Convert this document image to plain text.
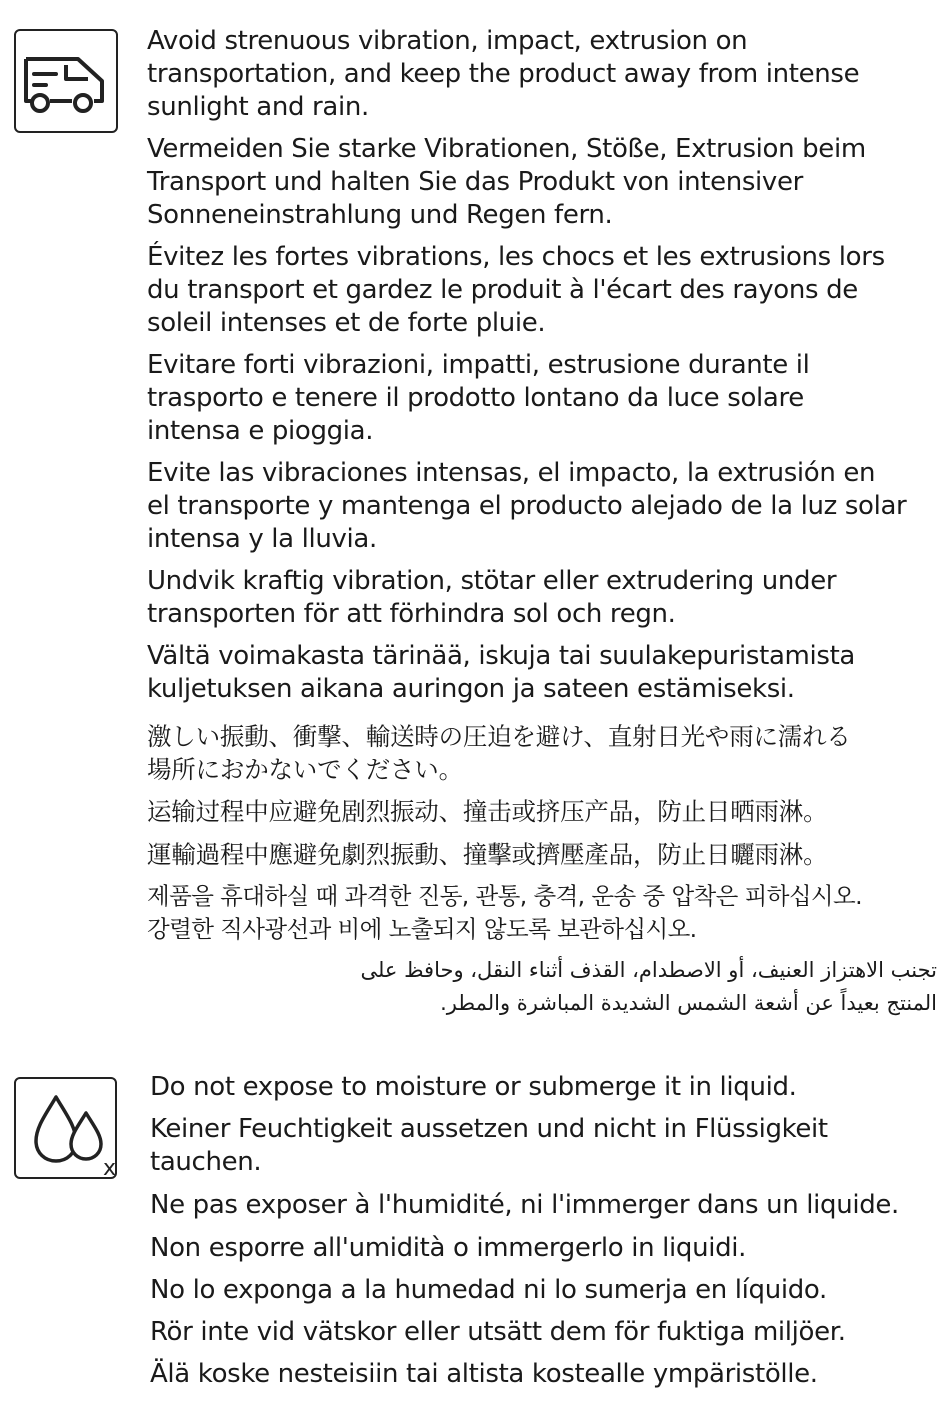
Avoid strenuous vibration, impact, extrusion on
transportation, and keep the product away from intense
sunlight and rain.

Vermeiden Sie starke Vibrationen, Stöße, Extrusion beim
Transport und halten Sie das Produkt von intensiver
Sonneneinstrahlung und Regen fern.

Évitez les fortes vibrations, les chocs et les extrusions lors
du transport et gardez le produit à l'écart des rayons de
soleil intenses et de forte pluie.

Evitare forti vibrazioni, impatti, estrusione durante il
trasporto e tenere il prodotto lontano da luce solare
intensa e pioggia.

Evite las vibraciones intensas, el impacto, la extrusión en
el transporte y mantenga el producto alejado de la luz solar
intensa y la lluvia.

Undvik kraftig vibration, stötar eller extrudering under
transporten för att förhindra sol och regn.

Vältä voimakasta tärinää, iskuja tai suulakepuristamista
kuljetuksen aikana auringon ja sateen estämiseksi.

激しい振動、衝撃、輸送時の圧迫を避け、直射日光や雨に濡れる
場所におかないでください。

运输过程中应避免剧烈振动、撞击或挤压产品，防止日晒雨淋。

運輸過程中應避免劇烈振動、撞擊或擠壓產品，防止日曬雨淋。

제품을 휴대하실 때 과격한 진동, 관통, 충격, 운송 중 압착은 피하십시오.
강렬한 직사광선과 비에 노출되지 않도록 보관하십시오.

تجنب الاهتزاز العنيف، أو الاصطدام، القذف أثناء النقل، وحافظ على
المنتج بعيداً عن أشعة الشمس الشديدة المباشرة والمطر.

x

Do not expose to moisture or submerge it in liquid.

Keiner Feuchtigkeit aussetzen und nicht in Flüssigkeit
tauchen.

Ne pas exposer à l'humidité, ni l'immerger dans un liquide.

Non esporre all'umidità o immergerlo in liquidi.

No lo exponga a la humedad ni lo sumerja en líquido.

Rör inte vid vätskor eller utsätt dem för fuktiga miljöer.

Älä koske nesteisiin tai altista kostealle ympäristölle.
